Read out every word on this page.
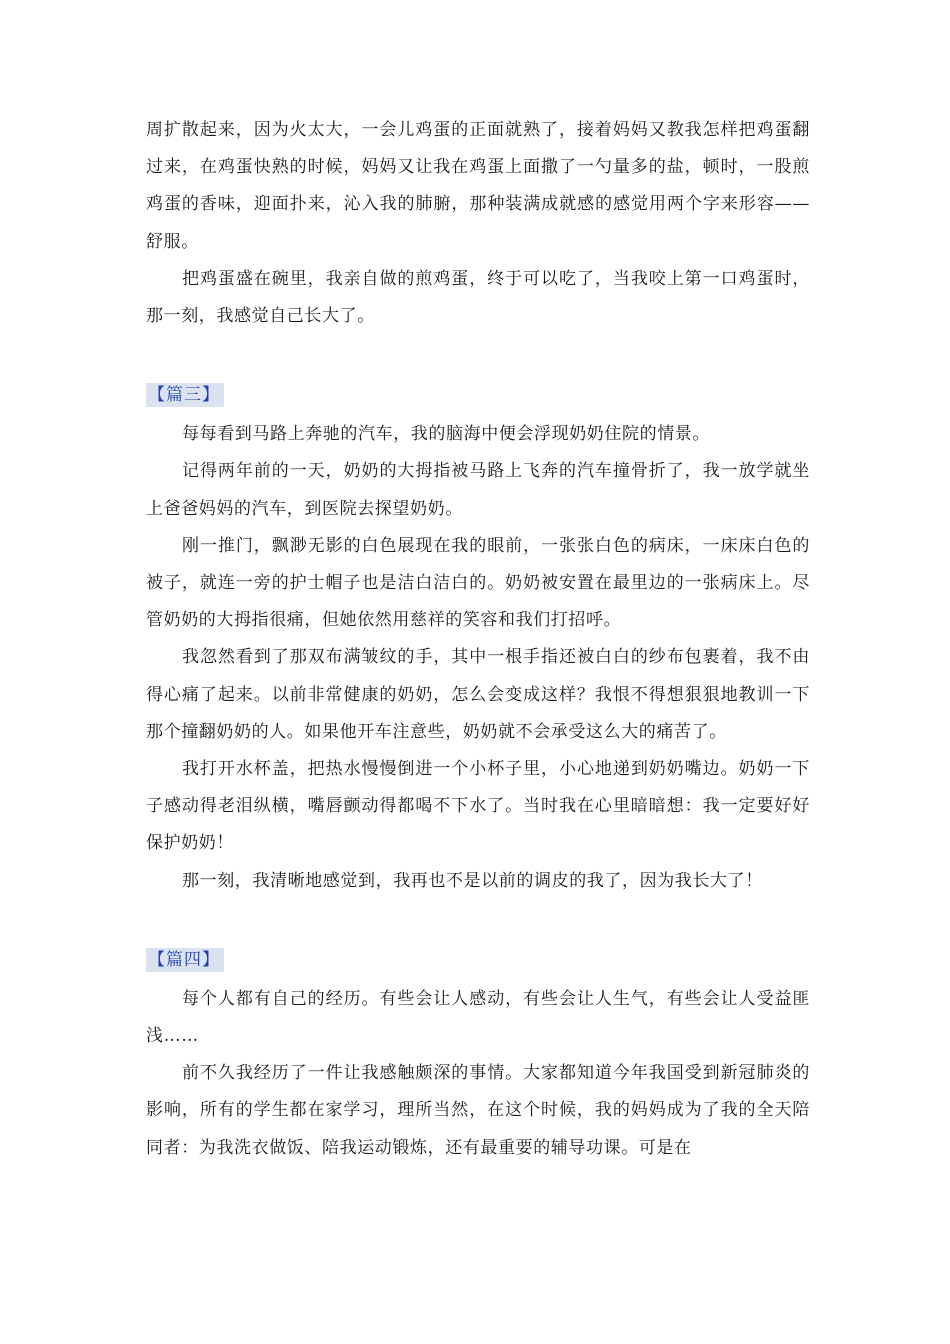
周扩散起来，因为火太大，一会儿鸡蛋的正面就熟了，接着妈妈又教我怎样把鸡蛋翻过来，在鸡蛋快熟的时候，妈妈又让我在鸡蛋上面撒了一勺量多的盐，顿时，一股煎鸡蛋的香味，迎面扑来，沁入我的肺腑，那种装满成就感的感觉用两个字来形容——舒服。

把鸡蛋盛在碗里，我亲自做的煎鸡蛋，终于可以吃了，当我咬上第一口鸡蛋时，那一刻，我感觉自己长大了。

【篇三】

每每看到马路上奔驰的汽车，我的脑海中便会浮现奶奶住院的情景。

记得两年前的一天，奶奶的大拇指被马路上飞奔的汽车撞骨折了，我一放学就坐上爸爸妈妈的汽车，到医院去探望奶奶。

刚一推门，飘渺无影的白色展现在我的眼前，一张张白色的病床，一床床白色的被子，就连一旁的护士帽子也是洁白洁白的。奶奶被安置在最里边的一张病床上。尽管奶奶的大拇指很痛，但她依然用慈祥的笑容和我们打招呼。

我忽然看到了那双布满皱纹的手，其中一根手指还被白白的纱布包裹着，我不由得心痛了起来。以前非常健康的奶奶，怎么会变成这样？我恨不得想狠狠地教训一下那个撞翻奶奶的人。如果他开车注意些，奶奶就不会承受这么大的痛苦了。

我打开水杯盖，把热水慢慢倒进一个小杯子里，小心地递到奶奶嘴边。奶奶一下子感动得老泪纵横，嘴唇颤动得都喝不下水了。当时我在心里暗暗想：我一定要好好保护奶奶！

那一刻，我清晰地感觉到，我再也不是以前的调皮的我了，因为我长大了！

【篇四】

每个人都有自己的经历。有些会让人感动，有些会让人生气，有些会让人受益匪浅……

前不久我经历了一件让我感触颇深的事情。大家都知道今年我国受到新冠肺炎的影响，所有的学生都在家学习，理所当然，在这个时候，我的妈妈成为了我的全天陪同者：为我洗衣做饭、陪我运动锻炼，还有最重要的辅导功课。可是在
